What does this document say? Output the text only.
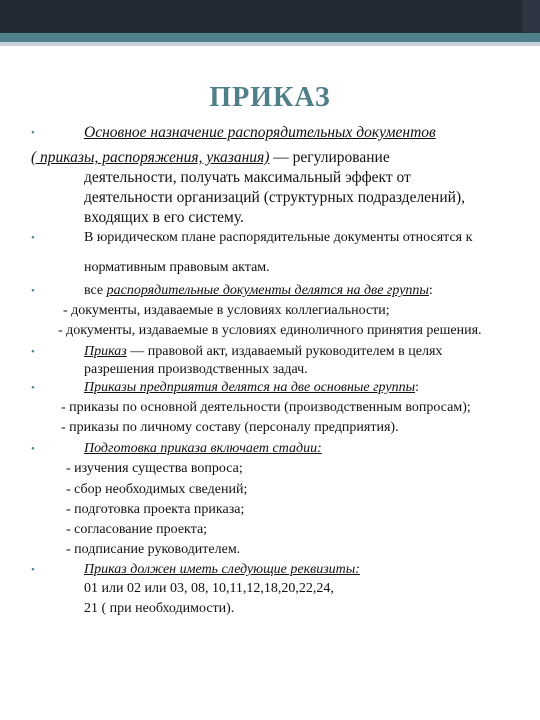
ПРИКАЗ
•	Основное назначение распорядительных документов
( приказы, распоряжения, указания) — регулирование
деятельности, получать максимальный эффект от
деятельности организаций (структурных подразделений),
входящих в его систему.
•	В юридическом плане распорядительные документы относятся к
нормативным правовым актам.
•	все распорядительные документы делятся на две группы:
- документы, издаваемые в условиях коллегиальности;
- документы, издаваемые в условиях единоличного принятия решения.
•	Приказ — правовой акт, издаваемый руководителем в целях
разрешения производственных задач.
•	Приказы предприятия делятся на две основные группы:
- приказы по основной деятельности (производственным вопросам);
- приказы по личному составу (персоналу предприятия).
•	Подготовка приказа включает стадии:
- изучения существа вопроса;
- сбор необходимых сведений;
- подготовка проекта приказа;
- согласование проекта;
- подписание руководителем.
•	Приказ должен иметь следующие реквизиты:
01 или 02 или 03, 08, 10,11,12,18,20,22,24,
21 ( при необходимости).
